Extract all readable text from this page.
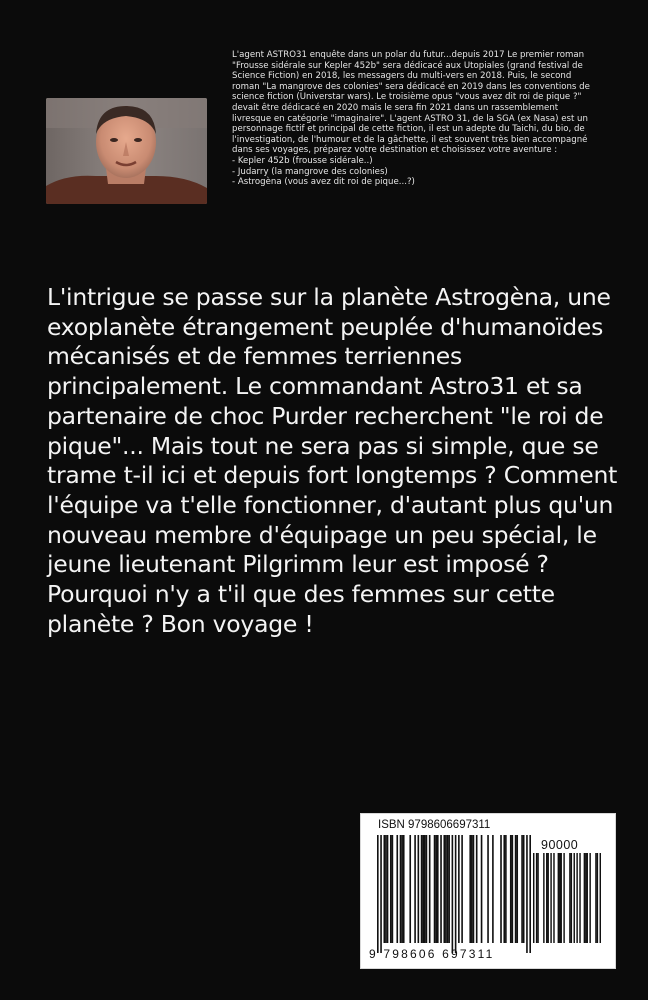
L'agent ASTRO31 enquête dans un polar du futur...depuis 2017 Le premier roman "Frousse sidérale sur Kepler 452b" sera dédicacé aux Utopiales (grand festival de Science Fiction) en 2018, les messagers du multi-vers en 2018. Puis, le second roman "La mangrove des colonies" sera dédicacé en 2019 dans les conventions de science fiction (Universtar wars). Le troisième opus "vous avez dit roi de pique ?" devait être dédicacé en 2020 mais le sera fin 2021 dans un rassemblement livresque en catégorie "imaginaire". L'agent ASTRO 31, de la SGA (ex Nasa) est un personnage fictif et principal de cette fiction, il est un adepte du Taichi, du bio, de l'investigation, de l'humour et de la gâchette, il est souvent très bien accompagné dans ses voyages, préparez votre destination et choisissez votre aventure :

- Kepler 452b (frousse sidérale..)
- Judarry (la mangrove des colonies)
- Astrogèna (vous avez dit roi de pique...?)

L'intrigue se passe sur la planète Astrogèna, une exoplanète étrangement peuplée d'humanoïdes mécanisés et de femmes terriennes principalement. Le commandant Astro31 et sa partenaire de choc Purder recherchent "le roi de pique"... Mais tout ne sera pas si simple, que se trame t-il ici et depuis fort longtemps ? Comment l'équipe va t'elle fonctionner, d'autant plus qu'un nouveau membre d'équipage un peu spécial, le jeune lieutenant Pilgrimm leur est imposé ? Pourquoi n'y a t'il que des femmes sur cette planète ? Bon voyage !

ISBN 9798606697311
90000
9 798606 697311
